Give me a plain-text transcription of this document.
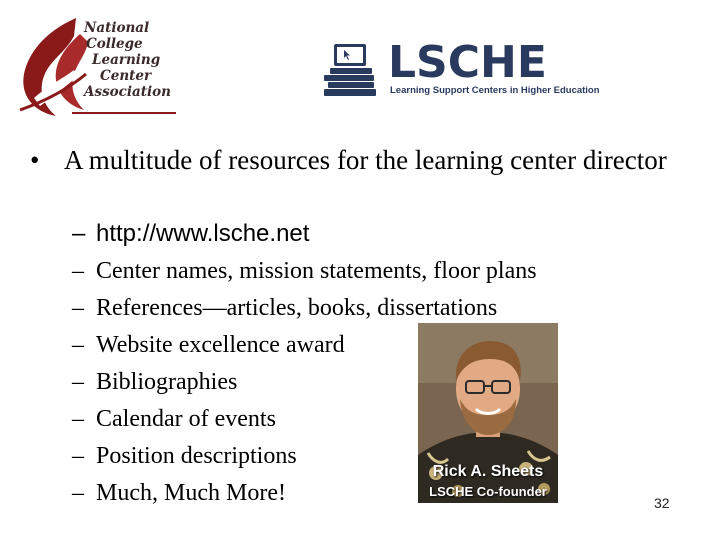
National
College
Learning
Center
Association
LSCHE
Learning Support Centers in Higher Education
• A multitude of resources for the learning center director
– http://www.lsche.net
– Center names, mission statements, floor plans
– References—articles, books, dissertations
– Website excellence award
– Bibliographies
– Calendar of events
– Position descriptions
– Much, Much More!
Rick A. Sheets
LSCHE Co-founder
32
